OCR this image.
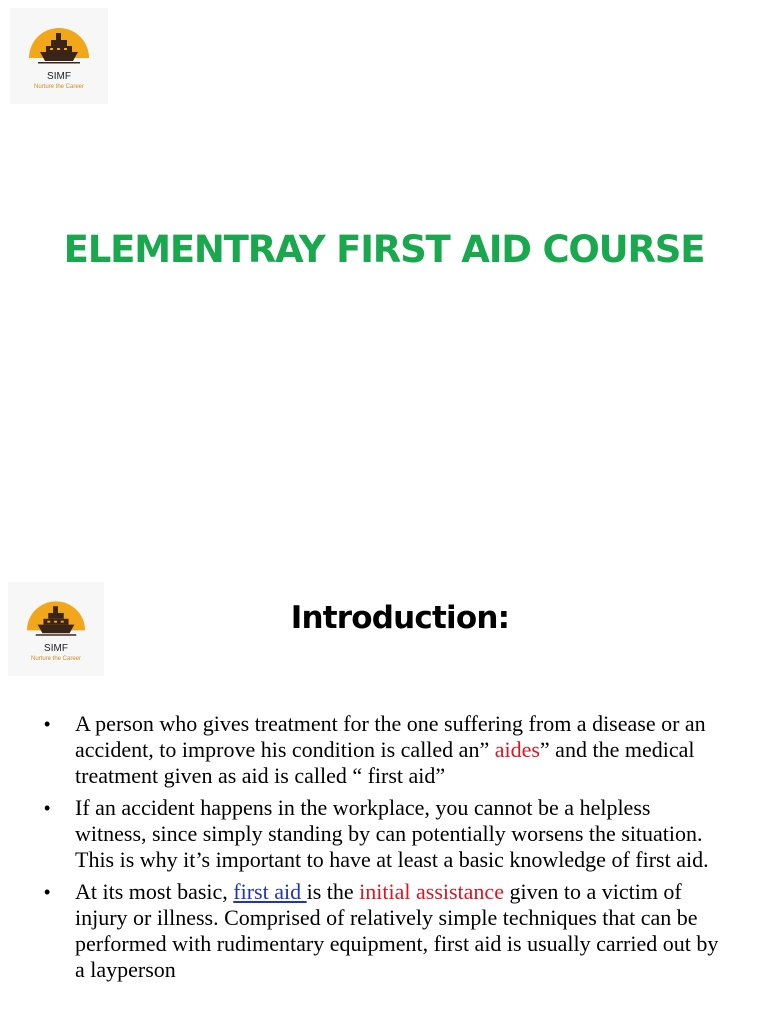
SIMF
Nurture the Career
ELEMENTRAY FIRST AID COURSE
SIMF
Nurture the Career
Introduction:
• A person who gives treatment for the one suffering from a disease or an accident, to improve his condition is called an” aides” and the medical treatment given as aid is called “ first aid”
• If an accident happens in the workplace, you cannot be a helpless witness, since simply standing by can potentially worsens the situation. This is why it’s important to have at least a basic knowledge of first aid.
• At its most basic, first aid is the initial assistance given to a victim of injury or illness. Comprised of relatively simple techniques that can be performed with rudimentary equipment, first aid is usually carried out by a layperson
